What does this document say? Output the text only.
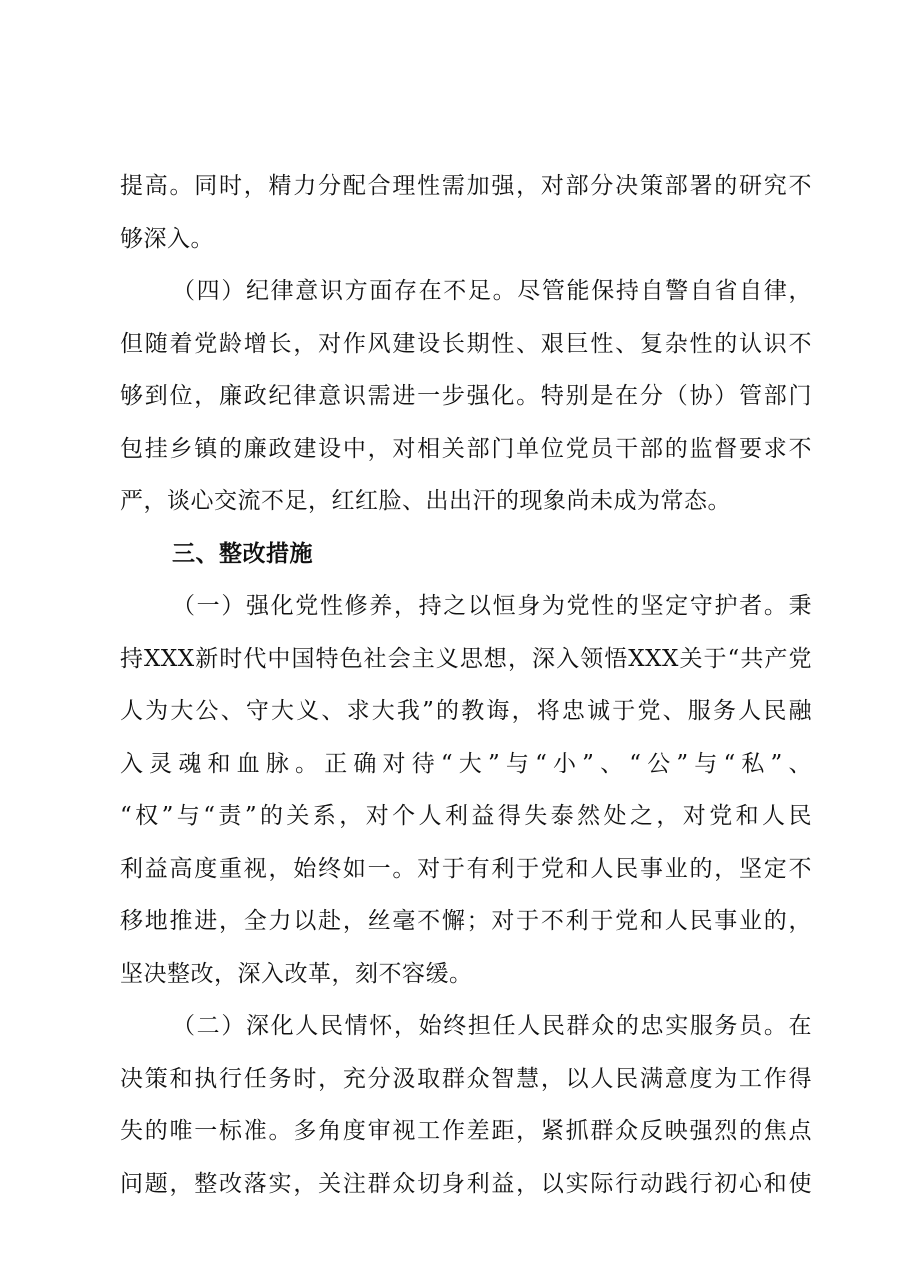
提高。同时，精力分配合理性需加强，对部分决策部署的研究不
够深入。
（四）纪律意识方面存在不足。尽管能保持自警自省自律，
但随着党龄增长，对作风建设长期性、艰巨性、复杂性的认识不
够到位，廉政纪律意识需进一步强化。特别是在分（协）管部门
包挂乡镇的廉政建设中，对相关部门单位党员干部的监督要求不
严，谈心交流不足，红红脸、出出汗的现象尚未成为常态。
三、整改措施
（一）强化党性修养，持之以恒身为党性的坚定守护者。秉
持XXX新时代中国特色社会主义思想，深入领悟XXX关于“共产党
人为大公、守大义、求大我”的教诲，将忠诚于党、服务人民融
入灵魂和血脉。正确对待“大”与“小”、“公”与“私”、
“权”与“责”的关系，对个人利益得失泰然处之，对党和人民
利益高度重视，始终如一。对于有利于党和人民事业的，坚定不
移地推进，全力以赴，丝毫不懈；对于不利于党和人民事业的，
坚决整改，深入改革，刻不容缓。
（二）深化人民情怀，始终担任人民群众的忠实服务员。在
决策和执行任务时，充分汲取群众智慧，以人民满意度为工作得
失的唯一标准。多角度审视工作差距，紧抓群众反映强烈的焦点
问题，整改落实，关注群众切身利益，以实际行动践行初心和使
